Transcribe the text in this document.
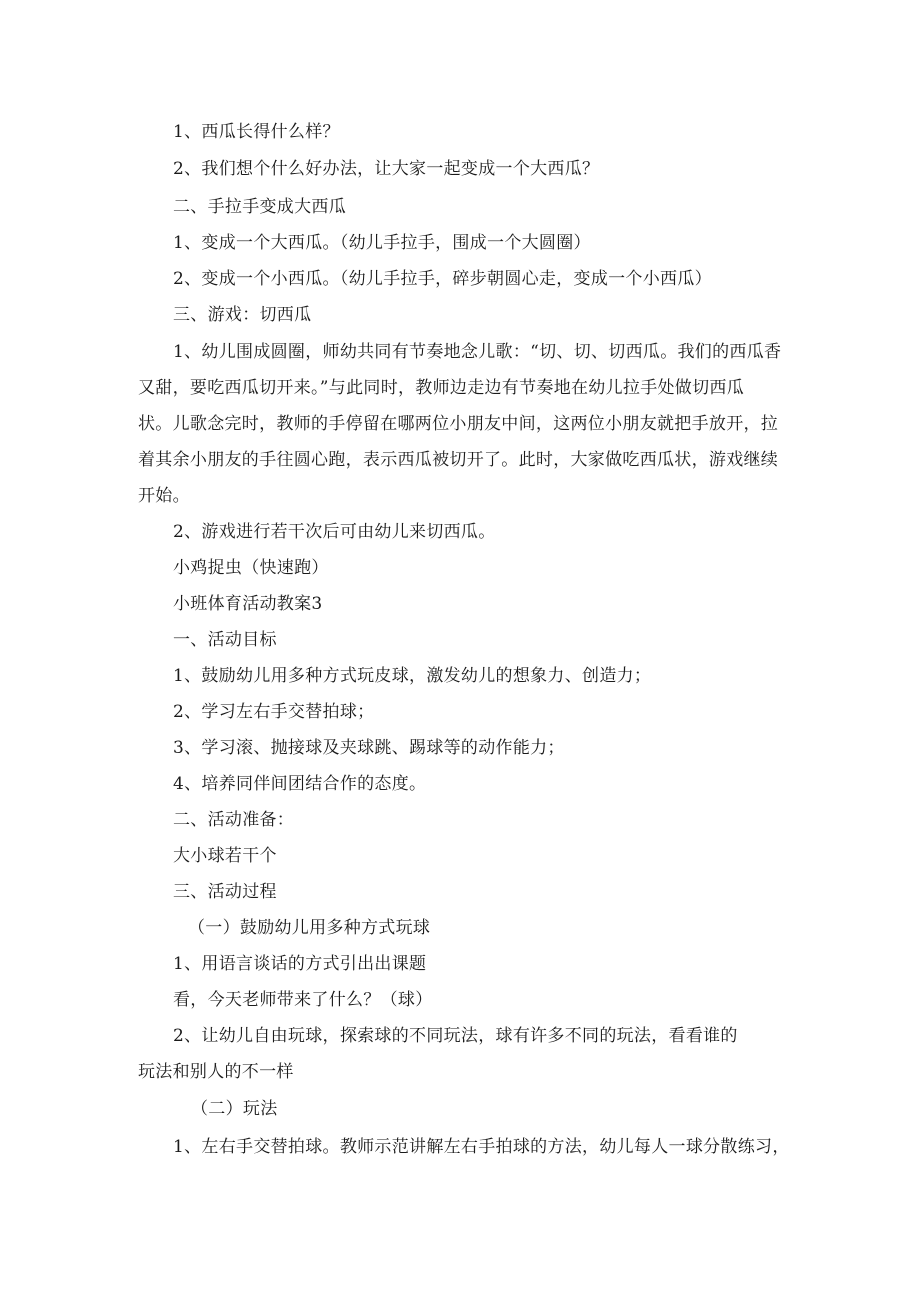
1、西瓜长得什么样？
2、我们想个什么好办法，让大家一起变成一个大西瓜？
二、手拉手变成大西瓜
1、变成一个大西瓜。（幼儿手拉手，围成一个大圆圈）
2、变成一个小西瓜。（幼儿手拉手，碎步朝圆心走，变成一个小西瓜）
三、游戏：切西瓜
1、幼儿围成圆圈，师幼共同有节奏地念儿歌：“切、切、切西瓜。我们的西瓜香
又甜，要吃西瓜切开来。”与此同时，教师边走边有节奏地在幼儿拉手处做切西瓜
状。儿歌念完时，教师的手停留在哪两位小朋友中间，这两位小朋友就把手放开，拉
着其余小朋友的手往圆心跑，表示西瓜被切开了。此时，大家做吃西瓜状，游戏继续
开始。
2、游戏进行若干次后可由幼儿来切西瓜。
小鸡捉虫（快速跑）
小班体育活动教案3
一、活动目标
1、鼓励幼儿用多种方式玩皮球，激发幼儿的想象力、创造力；
2、学习左右手交替拍球；
3、学习滚、抛接球及夹球跳、踢球等的动作能力；
4、培养同伴间团结合作的态度。
二、活动准备：
大小球若干个
三、活动过程
（一）鼓励幼儿用多种方式玩球
1、用语言谈话的方式引出出课题
看，今天老师带来了什么？（球）
2、让幼儿自由玩球，探索球的不同玩法，球有许多不同的玩法，看看谁的
玩法和别人的不一样
（二）玩法
1、左右手交替拍球。教师示范讲解左右手拍球的方法，幼儿每人一球分散练习，
